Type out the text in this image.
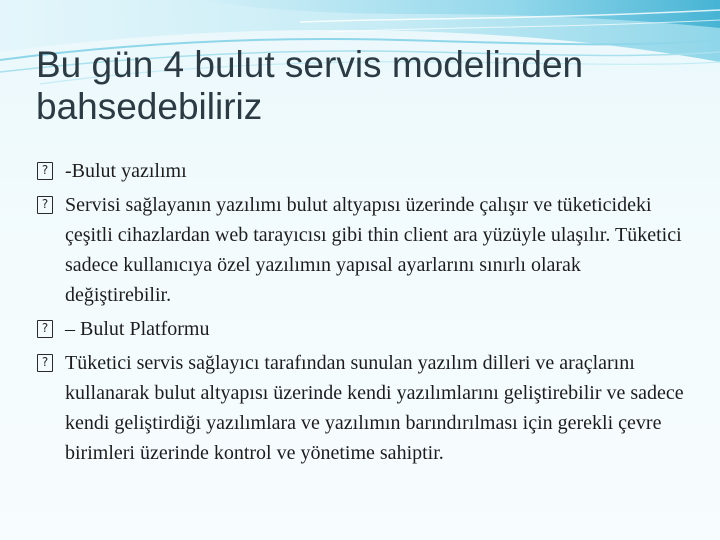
Bu gün 4 bulut servis modelinden bahsedebiliriz
? -Bulut yazılımı
? Servisi sağlayanın yazılımı bulut altyapısı üzerinde çalışır ve tüketicideki çeşitli cihazlardan web tarayıcısı gibi thin client ara yüzüyle ulaşılır. Tüketici sadece kullanıcıya özel yazılımın yapısal ayarlarını sınırlı olarak değiştirebilir.
? – Bulut Platformu
? Tüketici servis sağlayıcı tarafından sunulan yazılım dilleri ve araçlarını kullanarak bulut altyapısı üzerinde kendi yazılımlarını geliştirebilir ve sadece kendi geliştirdiği yazılımlara ve yazılımın barındırılması için gerekli çevre birimleri üzerinde kontrol ve yönetime sahiptir.
